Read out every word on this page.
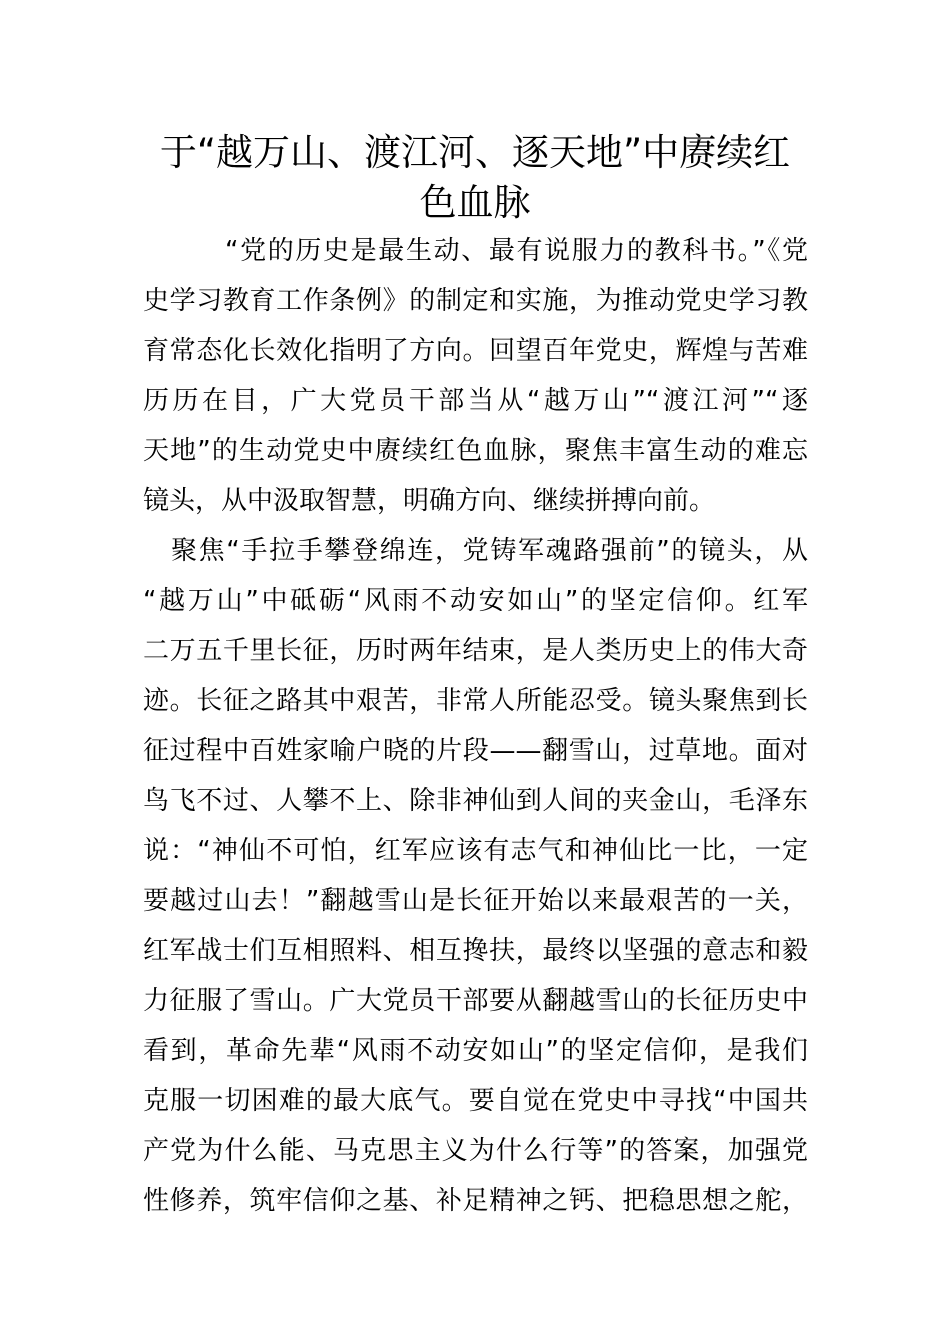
于“越万山、渡江河、逐天地”中赓续红
色血脉
“党的历史是最生动、最有说服力的教科书。”《党
史学习教育工作条例》的制定和实施，为推动党史学习教
育常态化长效化指明了方向。回望百年党史，辉煌与苦难
历历在目，广大党员干部当从“越万山”“渡江河”“逐
天地”的生动党史中赓续红色血脉，聚焦丰富生动的难忘
镜头，从中汲取智慧，明确方向、继续拼搏向前。
聚焦“手拉手攀登绵连，党铸军魂路强前”的镜头，从
“越万山”中砥砺“风雨不动安如山”的坚定信仰。红军
二万五千里长征，历时两年结束，是人类历史上的伟大奇
迹。长征之路其中艰苦，非常人所能忍受。镜头聚焦到长
征过程中百姓家喻户晓的片段——翻雪山，过草地。面对
鸟飞不过、人攀不上、除非神仙到人间的夹金山，毛泽东
说：“神仙不可怕，红军应该有志气和神仙比一比，一定
要越过山去！”翻越雪山是长征开始以来最艰苦的一关，
红军战士们互相照料、相互搀扶，最终以坚强的意志和毅
力征服了雪山。广大党员干部要从翻越雪山的长征历史中
看到，革命先辈“风雨不动安如山”的坚定信仰，是我们
克服一切困难的最大底气。要自觉在党史中寻找“中国共
产党为什么能、马克思主义为什么行等”的答案，加强党
性修养，筑牢信仰之基、补足精神之钙、把稳思想之舵，
